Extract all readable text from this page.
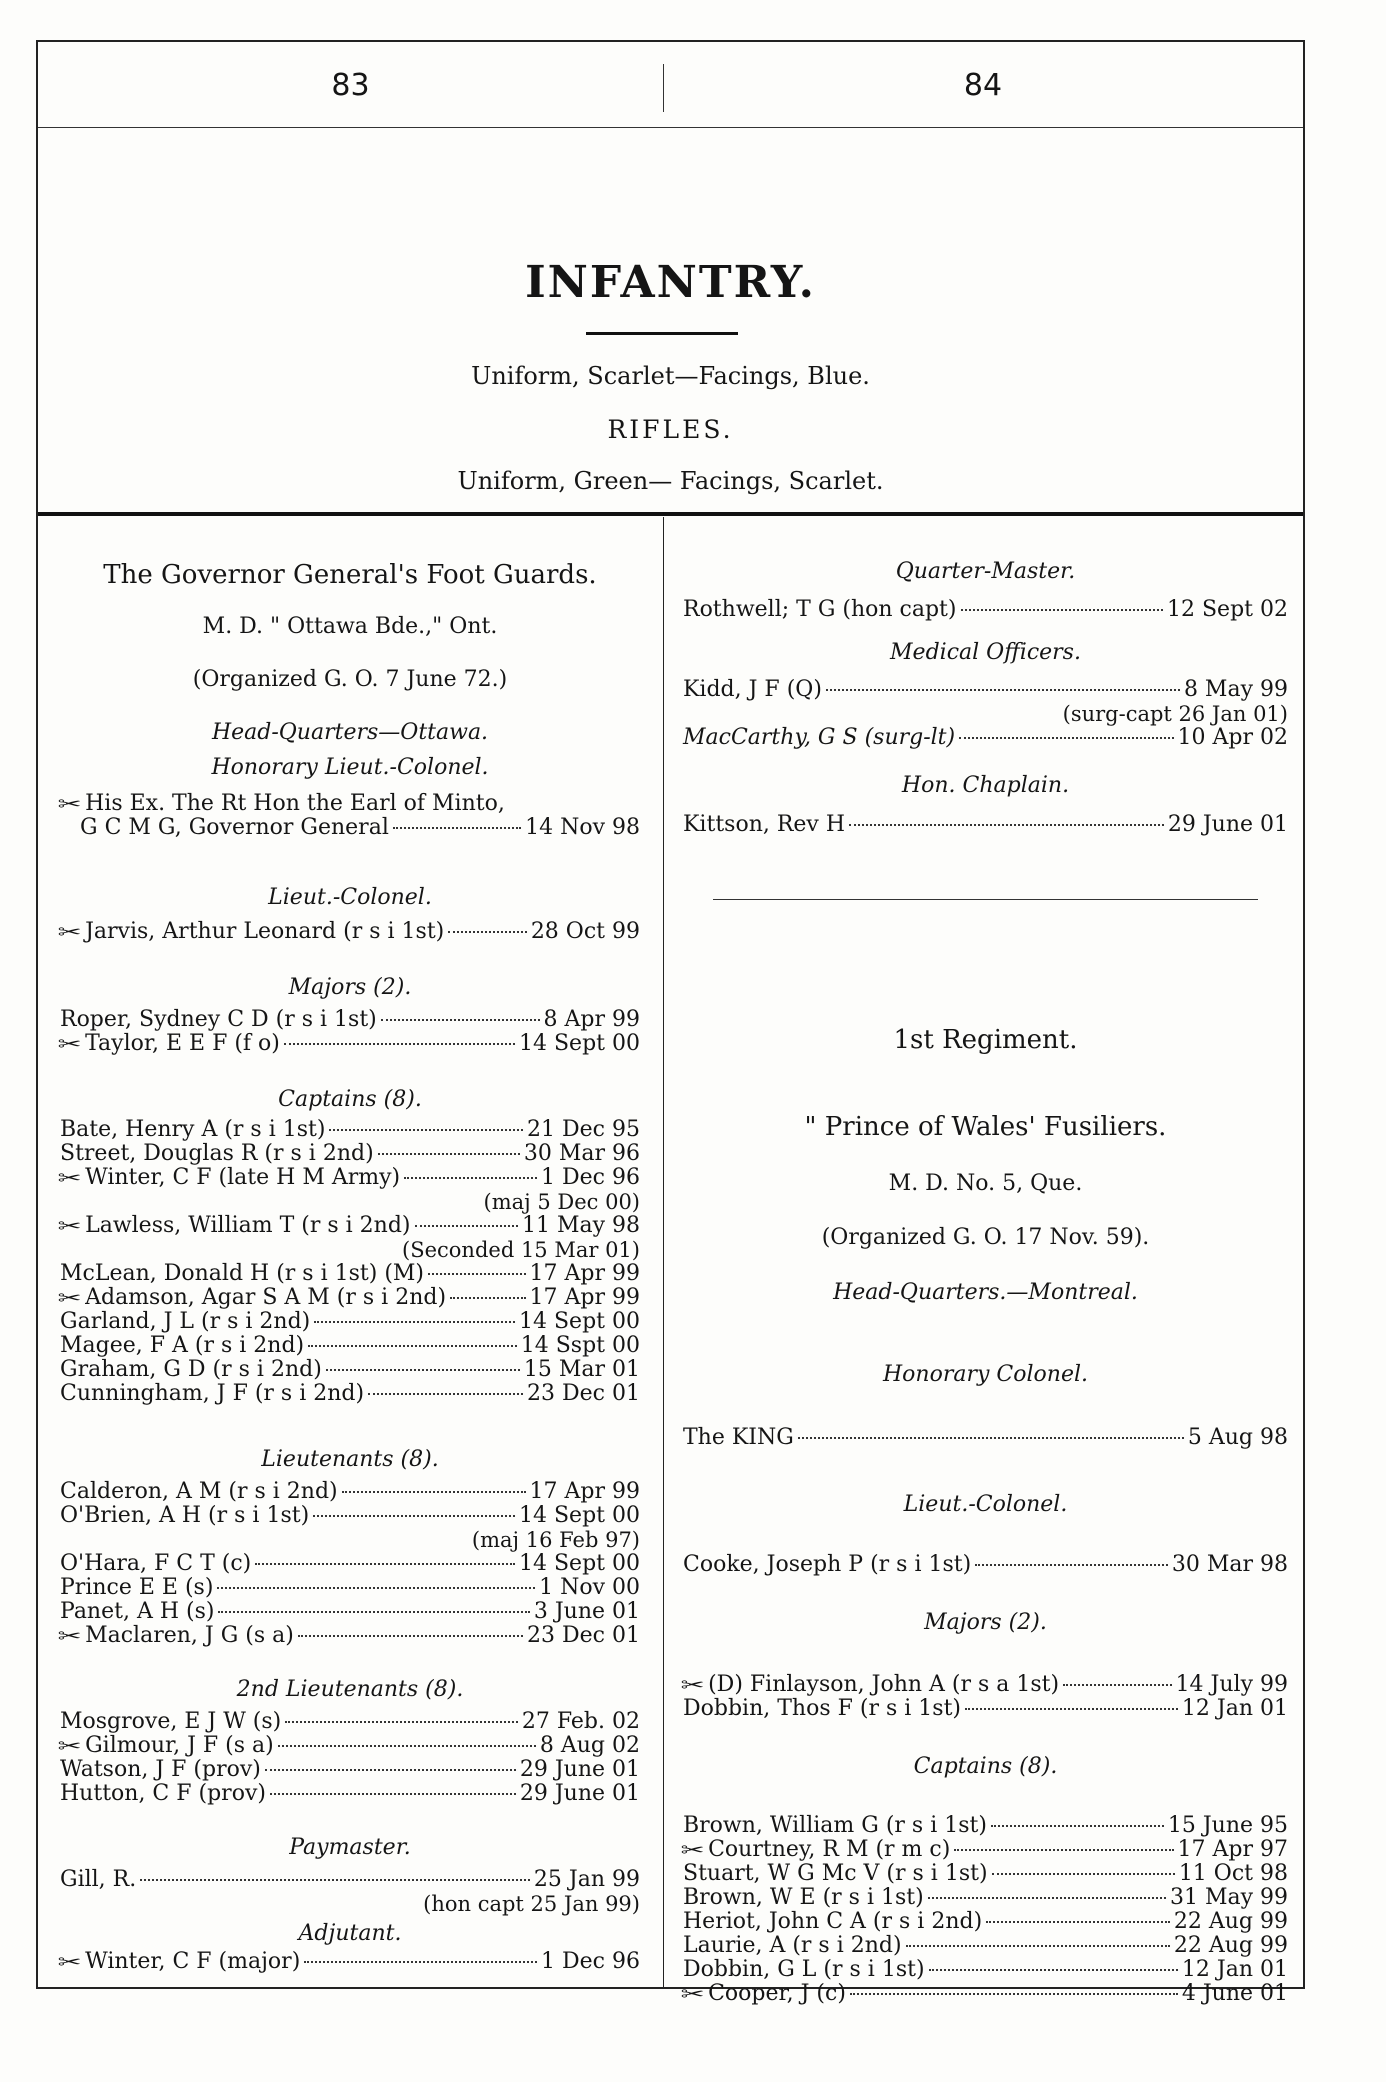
83	84
INFANTRY.
Uniform, Scarlet—Facings, Blue.
RIFLES.
Uniform, Green— Facings, Scarlet.
The Governor General's Foot Guards.
M. D. " Ottawa Bde.," Ont.
(Organized G. O. 7 June 72.)
Head-Quarters—Ottawa.
Honorary Lieut.-Colonel.
✂ His Ex. The Rt Hon the Earl of Minto,
G C M G, Governor General	14 Nov 98
Lieut.-Colonel.
✂ Jarvis, Arthur Leonard (r s i 1st)	28 Oct 99
Majors (2).
Roper, Sydney C D (r s i 1st)	8 Apr 99
✂ Taylor, E E F (f o)	14 Sept 00
Captains (8).
Bate, Henry A (r s i 1st)	21 Dec 95
Street, Douglas R (r s i 2nd)	30 Mar 96
✂ Winter, C F (late H M Army)	1 Dec 96
(maj 5 Dec 00)
✂ Lawless, William T (r s i 2nd)	11 May 98
(Seconded 15 Mar 01)
McLean, Donald H (r s i 1st) (M)	17 Apr 99
✂ Adamson, Agar S A M (r s i 2nd)	17 Apr 99
Garland, J L (r s i 2nd)	14 Sept 00
Magee, F A (r s i 2nd)	14 Sspt 00
Graham, G D (r s i 2nd)	15 Mar 01
Cunningham, J F (r s i 2nd)	23 Dec 01
Lieutenants (8).
Calderon, A M (r s i 2nd)	17 Apr 99
O'Brien, A H (r s i 1st)	14 Sept 00
(maj 16 Feb 97)
O'Hara, F C T (c)	14 Sept 00
Prince E E (s)	1 Nov 00
Panet, A H (s)	3 June 01
✂ Maclaren, J G (s a)	23 Dec 01
2nd Lieutenants (8).
Mosgrove, E J W (s)	27 Feb. 02
✂ Gilmour, J F (s a)	8 Aug 02
Watson, J F (prov)	29 June 01
Hutton, C F (prov)	29 June 01
Paymaster.
Gill, R.	25 Jan 99
(hon capt 25 Jan 99)
Adjutant.
✂ Winter, C F (major)	1 Dec 96
Quarter-Master.
Rothwell; T G (hon capt)	12 Sept 02
Medical Officers.
Kidd, J F (Q)	8 May 99
(surg-capt 26 Jan 01)
MacCarthy, G S (surg-lt)	10 Apr 02
Hon. Chaplain.
Kittson, Rev H	29 June 01
1st Regiment.
" Prince of Wales' Fusiliers.
M. D. No. 5, Que.
(Organized G. O. 17 Nov. 59).
Head-Quarters.—Montreal.
Honorary Colonel.
The KING	5 Aug 98
Lieut.-Colonel.
Cooke, Joseph P (r s i 1st)	30 Mar 98
Majors (2).
✂ (D) Finlayson, John A (r s a 1st)	14 July 99
Dobbin, Thos F (r s i 1st)	12 Jan 01
Captains (8).
Brown, William G (r s i 1st)	15 June 95
✂ Courtney, R M (r m c)	17 Apr 97
Stuart, W G Mc V (r s i 1st)	11 Oct 98
Brown, W E (r s i 1st)	31 May 99
Heriot, John C A (r s i 2nd)	22 Aug 99
Laurie, A (r s i 2nd)	22 Aug 99
Dobbin, G L (r s i 1st)	12 Jan 01
✂ Cooper, J (c)	4 June 01
